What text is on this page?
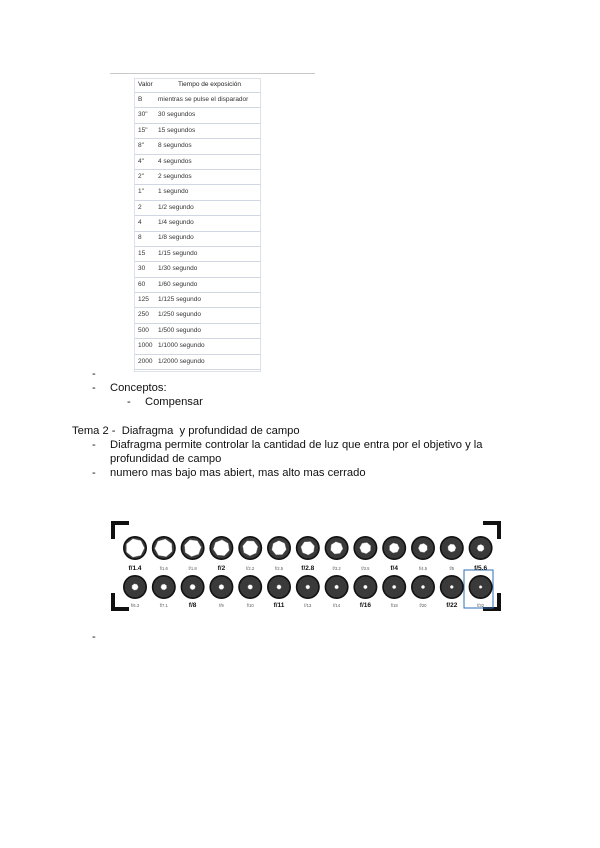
Valor	Tiempo de exposición
B	mientras se pulse el disparador
30"	30 segundos
15"	15 segundos
8"	8 segundos
4"	4 segundos
2"	2 segundos
1"	1 segundo
2	1/2 segundo
4	1/4 segundo
8	1/8 segundo
15	1/15 segundo
30	1/30 segundo
60	1/60 segundo
125	1/125 segundo
250	1/250 segundo
500	1/500 segundo
1000	1/1000 segundo
2000	1/2000 segundo
-
- Conceptos:
- Compensar
Tema 2 -  Diafragma  y profundidad de campo
- Diafragma permite controlar la cantidad de luz que entra por el objetivo y la
profundidad de campo
- numero mas bajo mas abiert, mas alto mas cerrado
-
f/1.4	f/1.6	f/1.8	f/2	f/2.2	f/2.5	f/2.8	f/3.2	f/3.5	f/4	f/4.5	f/5	f/5.6
f/6.3	f/7.1	f/8	f/9	f/10	f/11	f/13	f/14	f/16	f/18	f/20	f/22	f/32
